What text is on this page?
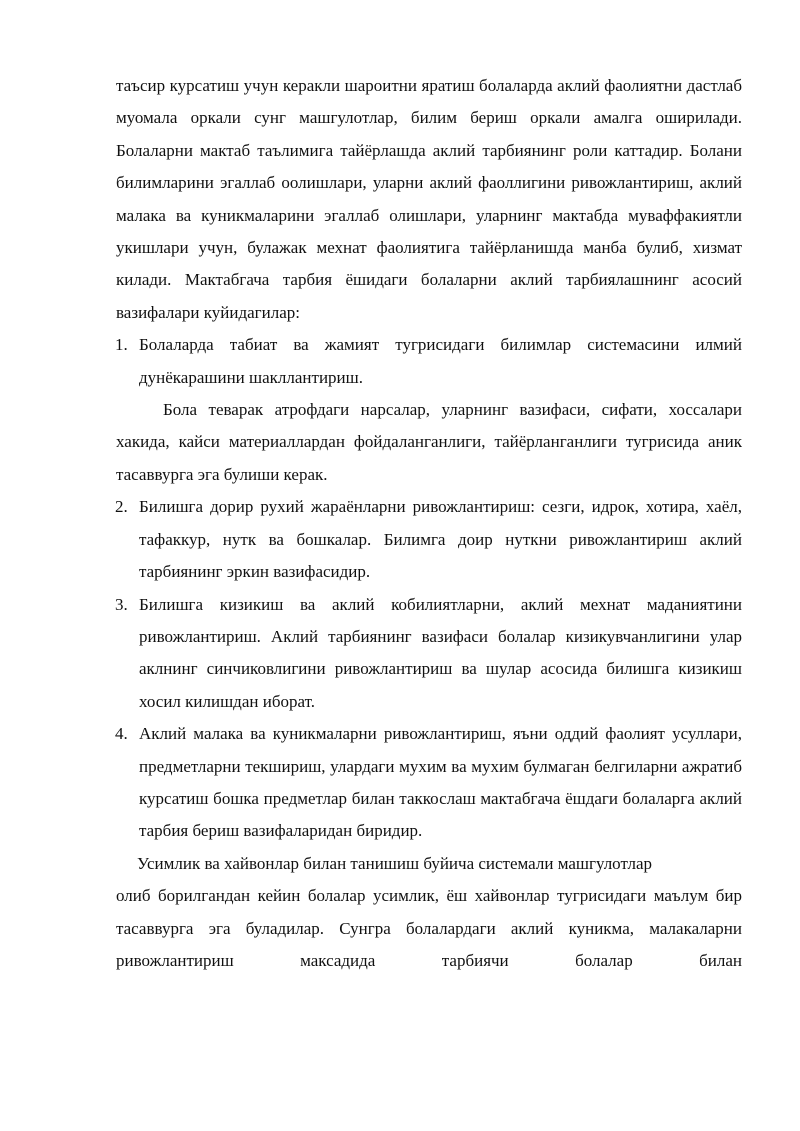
таъсир курсатиш учун керакли шароитни яратиш болаларда аклий фаолиятни дастлаб муомала оркали сунг машгулотлар, билим бериш оркали амалга оширилади. Болаларни мактаб таълимига тайёрлашда аклий тарбиянинг роли каттадир. Болани билимларини эгаллаб оолишлари, уларни аклий фаоллигини ривожлантириш, аклий малака ва куникмаларини эгаллаб олишлари, уларнинг мактабда муваффакиятли укишлари учун, булажак мехнат фаолиятига тайёрланишда манба булиб, хизмат килади. Мактабгача тарбия ёшидаги болаларни аклий тарбиялашнинг асосий вазифалари куйидагилар:

1. Болаларда табиат ва жамият тугрисидаги билимлар системасини илмий дунёкарашини шакллантириш.

Бола теварак атрофдаги нарсалар, уларнинг вазифаси, сифати, хоссалари хакида, кайси материаллардан фойдаланганлиги, тайёрланганлиги тугрисида аник тасаввурга эга булиши керак.

2. Билишга дорир рухий жараёнларни ривожлантириш: сезги, идрок, хотира, хаёл, тафаккур, нутк ва бошкалар. Билимга доир нуткни ривожлантириш аклий тарбиянинг эркин вазифасидир.
3. Билишга кизикиш ва аклий кобилиятларни, аклий мехнат маданиятини ривожлантириш. Аклий тарбиянинг вазифаси болалар кизикувчанлигини улар аклнинг синчиковлигини ривожлантириш ва шулар асосида билишга кизикиш хосил килишдан иборат.
4. Аклий малака ва куникмаларни ривожлантириш, яъни оддий фаолият усуллари, предметларни текшириш, улардаги мухим ва мухим булмаган белгиларни ажратиб курсатиш бошка предметлар билан таккослаш мактабгача ёшдаги болаларга аклий тарбия бериш вазифаларидан биридир.

Усимлик ва хайвонлар билан танишиш буйича системали машгулотлар

олиб борилгандан кейин болалар усимлик, ёш хайвонлар тугрисидаги маълум бир тасаввурга эга буладилар. Сунгра болалардаги аклий куникма, малакаларни ривожлантириш максадида тарбиячи болалар билан
